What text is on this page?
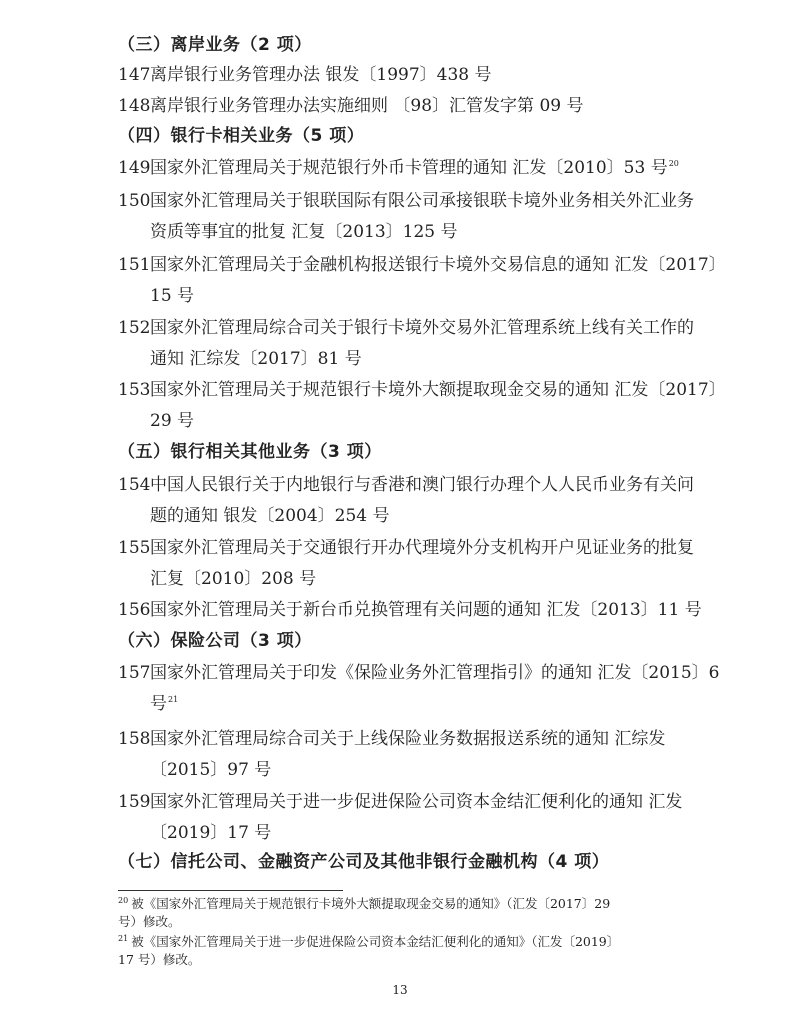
（三）离岸业务（2 项）
147离岸银行业务管理办法 银发〔1997〕438 号
148离岸银行业务管理办法实施细则 〔98〕汇管发字第 09 号
（四）银行卡相关业务（5 项）
149国家外汇管理局关于规范银行外币卡管理的通知 汇发〔2010〕53 号$^{20}$
150国家外汇管理局关于银联国际有限公司承接银联卡境外业务相关外汇业务
资质等事宜的批复 汇复〔2013〕125 号
151国家外汇管理局关于金融机构报送银行卡境外交易信息的通知 汇发〔2017〕
15 号
152国家外汇管理局综合司关于银行卡境外交易外汇管理系统上线有关工作的
通知 汇综发〔2017〕81 号
153国家外汇管理局关于规范银行卡境外大额提取现金交易的通知 汇发〔2017〕
29 号
（五）银行相关其他业务（3 项）
154中国人民银行关于内地银行与香港和澳门银行办理个人人民币业务有关问
题的通知 银发〔2004〕254 号
155国家外汇管理局关于交通银行开办代理境外分支机构开户见证业务的批复
汇复〔2010〕208 号
156国家外汇管理局关于新台币兑换管理有关问题的通知 汇发〔2013〕11 号
（六）保险公司（3 项）
157国家外汇管理局关于印发《保险业务外汇管理指引》的通知 汇发〔2015〕6
号$^{21}$
158国家外汇管理局综合司关于上线保险业务数据报送系统的通知 汇综发
〔2015〕97 号
159国家外汇管理局关于进一步促进保险公司资本金结汇便利化的通知 汇发
〔2019〕17 号
（七）信托公司、金融资产公司及其他非银行金融机构（4 项）
$^{20}$ 被《国家外汇管理局关于规范银行卡境外大额提取现金交易的通知》（汇发〔2017〕29
号）修改。
$^{21}$ 被《国家外汇管理局关于进一步促进保险公司资本金结汇便利化的通知》（汇发〔2019〕
17 号）修改。
13
